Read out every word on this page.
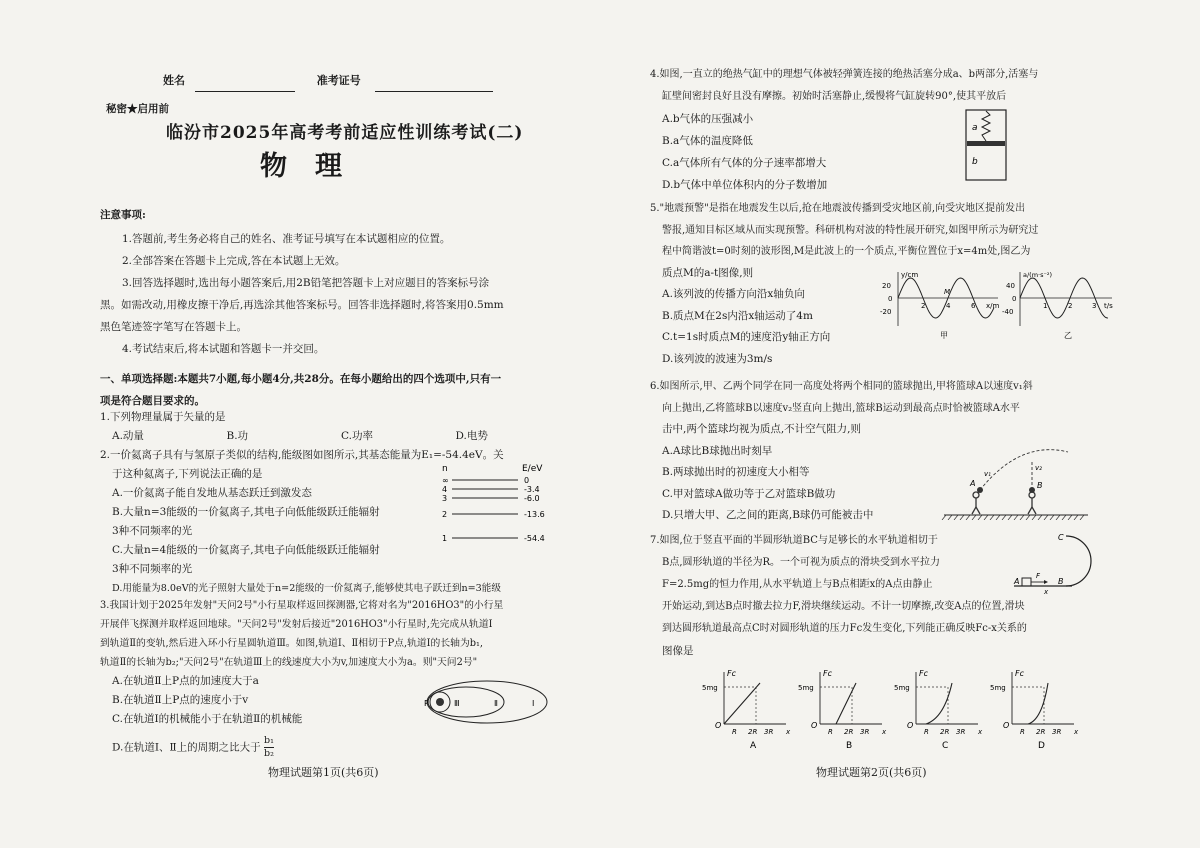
姓名	准考证号
秘密★启用前
临汾市2025年高考考前适应性训练考试(二)
物理

注意事项:

1.答题前,考生务必将自己的姓名、准考证号填写在本试题相应的位置。

2.全部答案在答题卡上完成,答在本试题上无效。

3.回答选择题时,选出每小题答案后,用2B铅笔把答题卡上对应题目的答案标号涂

黑。如需改动,用橡皮擦干净后,再选涂其他答案标号。回答非选择题时,将答案用0.5mm

黑色笔迹签字笔写在答题卡上。

4.考试结束后,将本试题和答题卡一并交回。

一、单项选择题:本题共7小题,每小题4分,共28分。在每小题给出的四个选项中,只有一

项是符合题目要求的。

1.下列物理量属于矢量的是

A.动量	B.功	C.功率	D.电势

2.一价氦离子具有与氢原子类似的结构,能级图如图所示,其基态能量为E₁=-54.4eV。关

于这种氦离子,下列说法正确的是

A.一价氦离子能自发地从基态跃迁到激发态

B.大量n=3能级的一价氦离子,其电子向低能级跃迁能辐射

3种不同频率的光

C.大量n=4能级的一价氦离子,其电子向低能级跃迁能辐射

3种不同频率的光

D.用能量为8.0eV的光子照射大量处于n=2能级的一价氦离子,能够使其电子跃迁到n=3能级

n	E/eV
∞	0
4	-3.4
3	-6.0
2	-13.6
1	-54.4

3.我国计划于2025年发射"天问2号"小行星取样返回探测器,它将对名为"2016HO3"的小行星

开展伴飞探测并取样返回地球。"天问2号"发射后接近"2016HO3"小行星时,先完成从轨道Ⅰ

到轨道Ⅱ的变轨,然后进入环小行星圆轨道Ⅲ。如图,轨道Ⅰ、Ⅱ相切于P点,轨道Ⅰ的长轴为b₁,

轨道Ⅱ的长轴为b₂;"天问2号"在轨道Ⅲ上的线速度大小为v,加速度大小为a。则"天问2号"

A.在轨道Ⅱ上P点的加速度大于a

B.在轨道Ⅱ上P点的速度小于v

C.在轨道Ⅰ的机械能小于在轨道Ⅱ的机械能

D.在轨道Ⅰ、Ⅱ上的周期之比大于 $\frac{\text{b₁}}{\text{b₂}}$

P	Ⅲ	Ⅱ	Ⅰ
物理试题第1页(共6页)

4.如图,一直立的绝热气缸中的理想气体被轻弹簧连接的绝热活塞分成a、b两部分,活塞与

缸壁间密封良好且没有摩擦。初始时活塞静止,缓慢将气缸旋转90°,使其平放后

A.b气体的压强减小

B.a气体的温度降低

C.a气体所有气体的分子速率都增大

D.b气体中单位体积内的分子数增加

a
b

5."地震预警"是指在地震发生以后,抢在地震波传播到受灾地区前,向受灾地区提前发出

警报,通知目标区域从而实现预警。科研机构对波的特性展开研究,如图甲所示为研究过

程中简谐波t=0时刻的波形图,M是此波上的一个质点,平衡位置位于x=4m处,图乙为

质点M的a-t图像,则

A.该列波的传播方向沿x轴负向

B.质点M在2s内沿x轴运动了4m

C.t=1s时质点M的速度沿y轴正方向

D.该列波的波速为3m/s

y/cm
20
0
-20
2	4	6 x/m
M
甲
a/(m·s⁻²)
40
0
-40
1	2	3 t/s
乙

6.如图所示,甲、乙两个同学在同一高度处将两个相同的篮球抛出,甲将篮球A以速度v₁斜

向上抛出,乙将篮球B以速度v₂竖直向上抛出,篮球B运动到最高点时恰被篮球A水平

击中,两个篮球均视为质点,不计空气阻力,则

A.A球比B球抛出时刻早

B.两球抛出时的初速度大小相等

C.甲对篮球A做功等于乙对篮球B做功

D.只增大甲、乙之间的距离,B球仍可能被击中

A	B
v₁
v₂

7.如图,位于竖直平面的半圆形轨道BC与足够长的水平轨道相切于

B点,圆形轨道的半径为R。一个可视为质点的滑块受到水平拉力

F=2.5mg的恒力作用,从水平轨道上与B点相距x的A点由静止

开始运动,到达B点时撤去拉力F,滑块继续运动。不计一切摩擦,改变A点的位置,滑块

到达圆形轨道最高点C时对圆形轨道的压力Fc发生变化,下列能正确反映Fc-x关系的

图像是

C
B
A
F
x
Fc
5mg
O
R 2R 3R x
A
Fc
5mg
O
R 2R 3R x
B
Fc
5mg
O
R 2R 3R x
C
Fc
5mg
O
R 2R 3R x
D
物理试题第2页(共6页)
